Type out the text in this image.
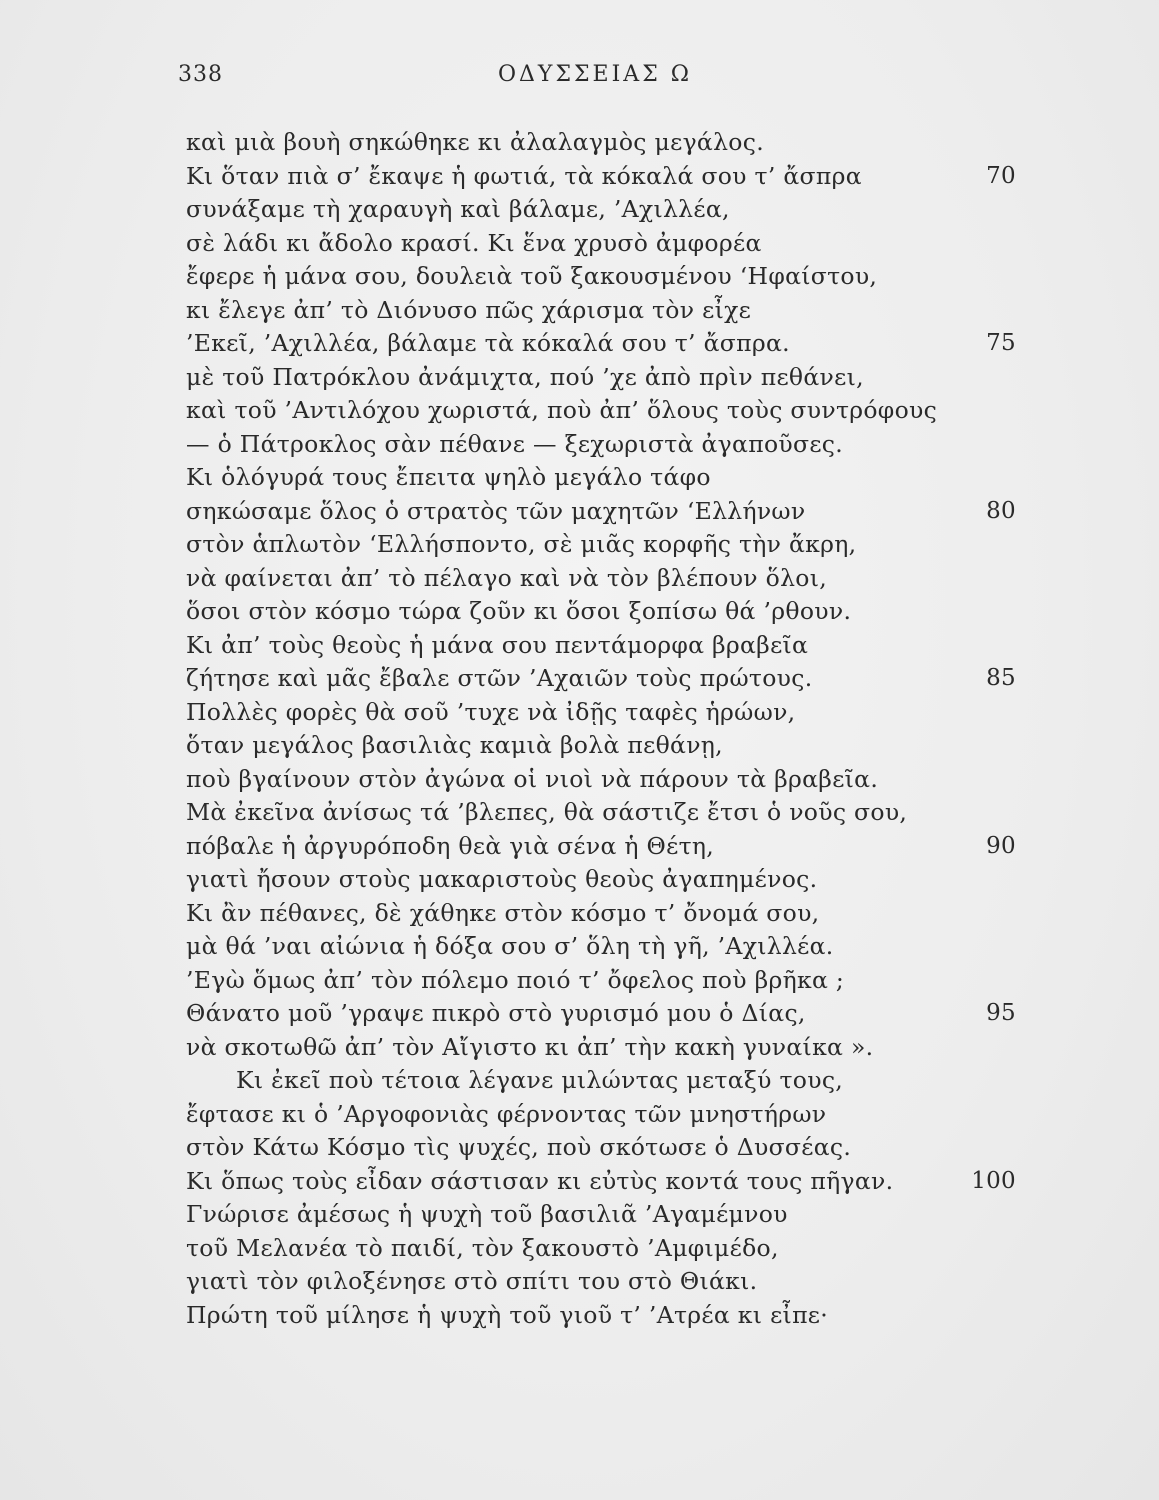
338	ΟΔΥΣΣΕΙΑΣ Ω
καὶ μιὰ βουὴ σηκώθηκε κι ἀλαλαγμὸς μεγάλος.
Κι ὅταν πιὰ σ’ ἔκαψε ἡ φωτιά, τὰ κόκαλά σου τ’ ἄσπρα	70
συνάξαμε τὴ χαραυγὴ καὶ βάλαμε, ’Αχιλλέα,
σὲ λάδι κι ἄδολο κρασί. Κι ἕνα χρυσὸ ἀμφορέα
ἔφερε ἡ μάνα σου, δουλειὰ τοῦ ξακουσμένου ‘Ηφαίστου,
κι ἔλεγε ἀπ’ τὸ Διόνυσο πῶς χάρισμα τὸν εἶχε
’Εκεῖ, ’Αχιλλέα, βάλαμε τὰ κόκαλά σου τ’ ἄσπρα.	75
μὲ τοῦ Πατρόκλου ἀνάμιχτα, πού ’χε ἀπὸ πρὶν πεθάνει,
καὶ τοῦ ’Αντιλόχου χωριστά, ποὺ ἀπ’ ὅλους τοὺς συντρόφους
— ὁ Πάτροκλος σὰν πέθανε — ξεχωριστὰ ἀγαποῦσες.
Κι ὁλόγυρά τους ἔπειτα ψηλὸ μεγάλο τάφο
σηκώσαμε ὅλος ὁ στρατὸς τῶν μαχητῶν ‘Ελλήνων	80
στὸν ἁπλωτὸν ‘Ελλήσποντο, σὲ μιᾶς κορφῆς τὴν ἄκρη,
νὰ φαίνεται ἀπ’ τὸ πέλαγο καὶ νὰ τὸν βλέπουν ὅλοι,
ὅσοι στὸν κόσμο τώρα ζοῦν κι ὅσοι ξοπίσω θά ’ρθουν.
Κι ἀπ’ τοὺς θεοὺς ἡ μάνα σου πεντάμορφα βραβεῖα
ζήτησε καὶ μᾶς ἔβαλε στῶν ’Αχαιῶν τοὺς πρώτους.	85
Πολλὲς φορὲς θὰ σοῦ ’τυχε νὰ ἰδῇς ταφὲς ἡρώων,
ὅταν μεγάλος βασιλιὰς καμιὰ βολὰ πεθάνῃ,
ποὺ βγαίνουν στὸν ἀγώνα οἱ νιοὶ νὰ πάρουν τὰ βραβεῖα.
Μὰ ἐκεῖνα ἀνίσως τά ’βλεπες, θὰ σάστιζε ἔτσι ὁ νοῦς σου,
πόβαλε ἡ ἀργυρόποδη θεὰ γιὰ σένα ἡ Θέτη,	90
γιατὶ ἤσουν στοὺς μακαριστοὺς θεοὺς ἀγαπημένος.
Κι ἂν πέθανες, δὲ χάθηκε στὸν κόσμο τ’ ὄνομά σου,
μὰ θά ’ναι αἰώνια ἡ δόξα σου σ’ ὅλη τὴ γῆ, ’Αχιλλέα.
’Εγὼ ὅμως ἀπ’ τὸν πόλεμο ποιό τ’ ὄφελος ποὺ βρῆκα ;
Θάνατο μοῦ ’γραψε πικρὸ στὸ γυρισμό μου ὁ Δίας,	95
νὰ σκοτωθῶ ἀπ’ τὸν Αἴγιστο κι ἀπ’ τὴν κακὴ γυναίκα ».
Κι ἐκεῖ ποὺ τέτοια λέγανε μιλώντας μεταξύ τους,
ἔφτασε κι ὁ ’Αργοφονιὰς φέρνοντας τῶν μνηστήρων
στὸν Κάτω Κόσμο τὶς ψυχές, ποὺ σκότωσε ὁ Δυσσέας.
Κι ὅπως τοὺς εἶδαν σάστισαν κι εὐτὺς κοντά τους πῆγαν.	100
Γνώρισε ἀμέσως ἡ ψυχὴ τοῦ βασιλιᾶ ’Αγαμέμνου
τοῦ Μελανέα τὸ παιδί, τὸν ξακουστὸ ’Αμφιμέδο,
γιατὶ τὸν φιλοξένησε στὸ σπίτι του στὸ Θιάκι.
Πρώτη τοῦ μίλησε ἡ ψυχὴ τοῦ γιοῦ τ’ ’Ατρέα κι εἶπε·
